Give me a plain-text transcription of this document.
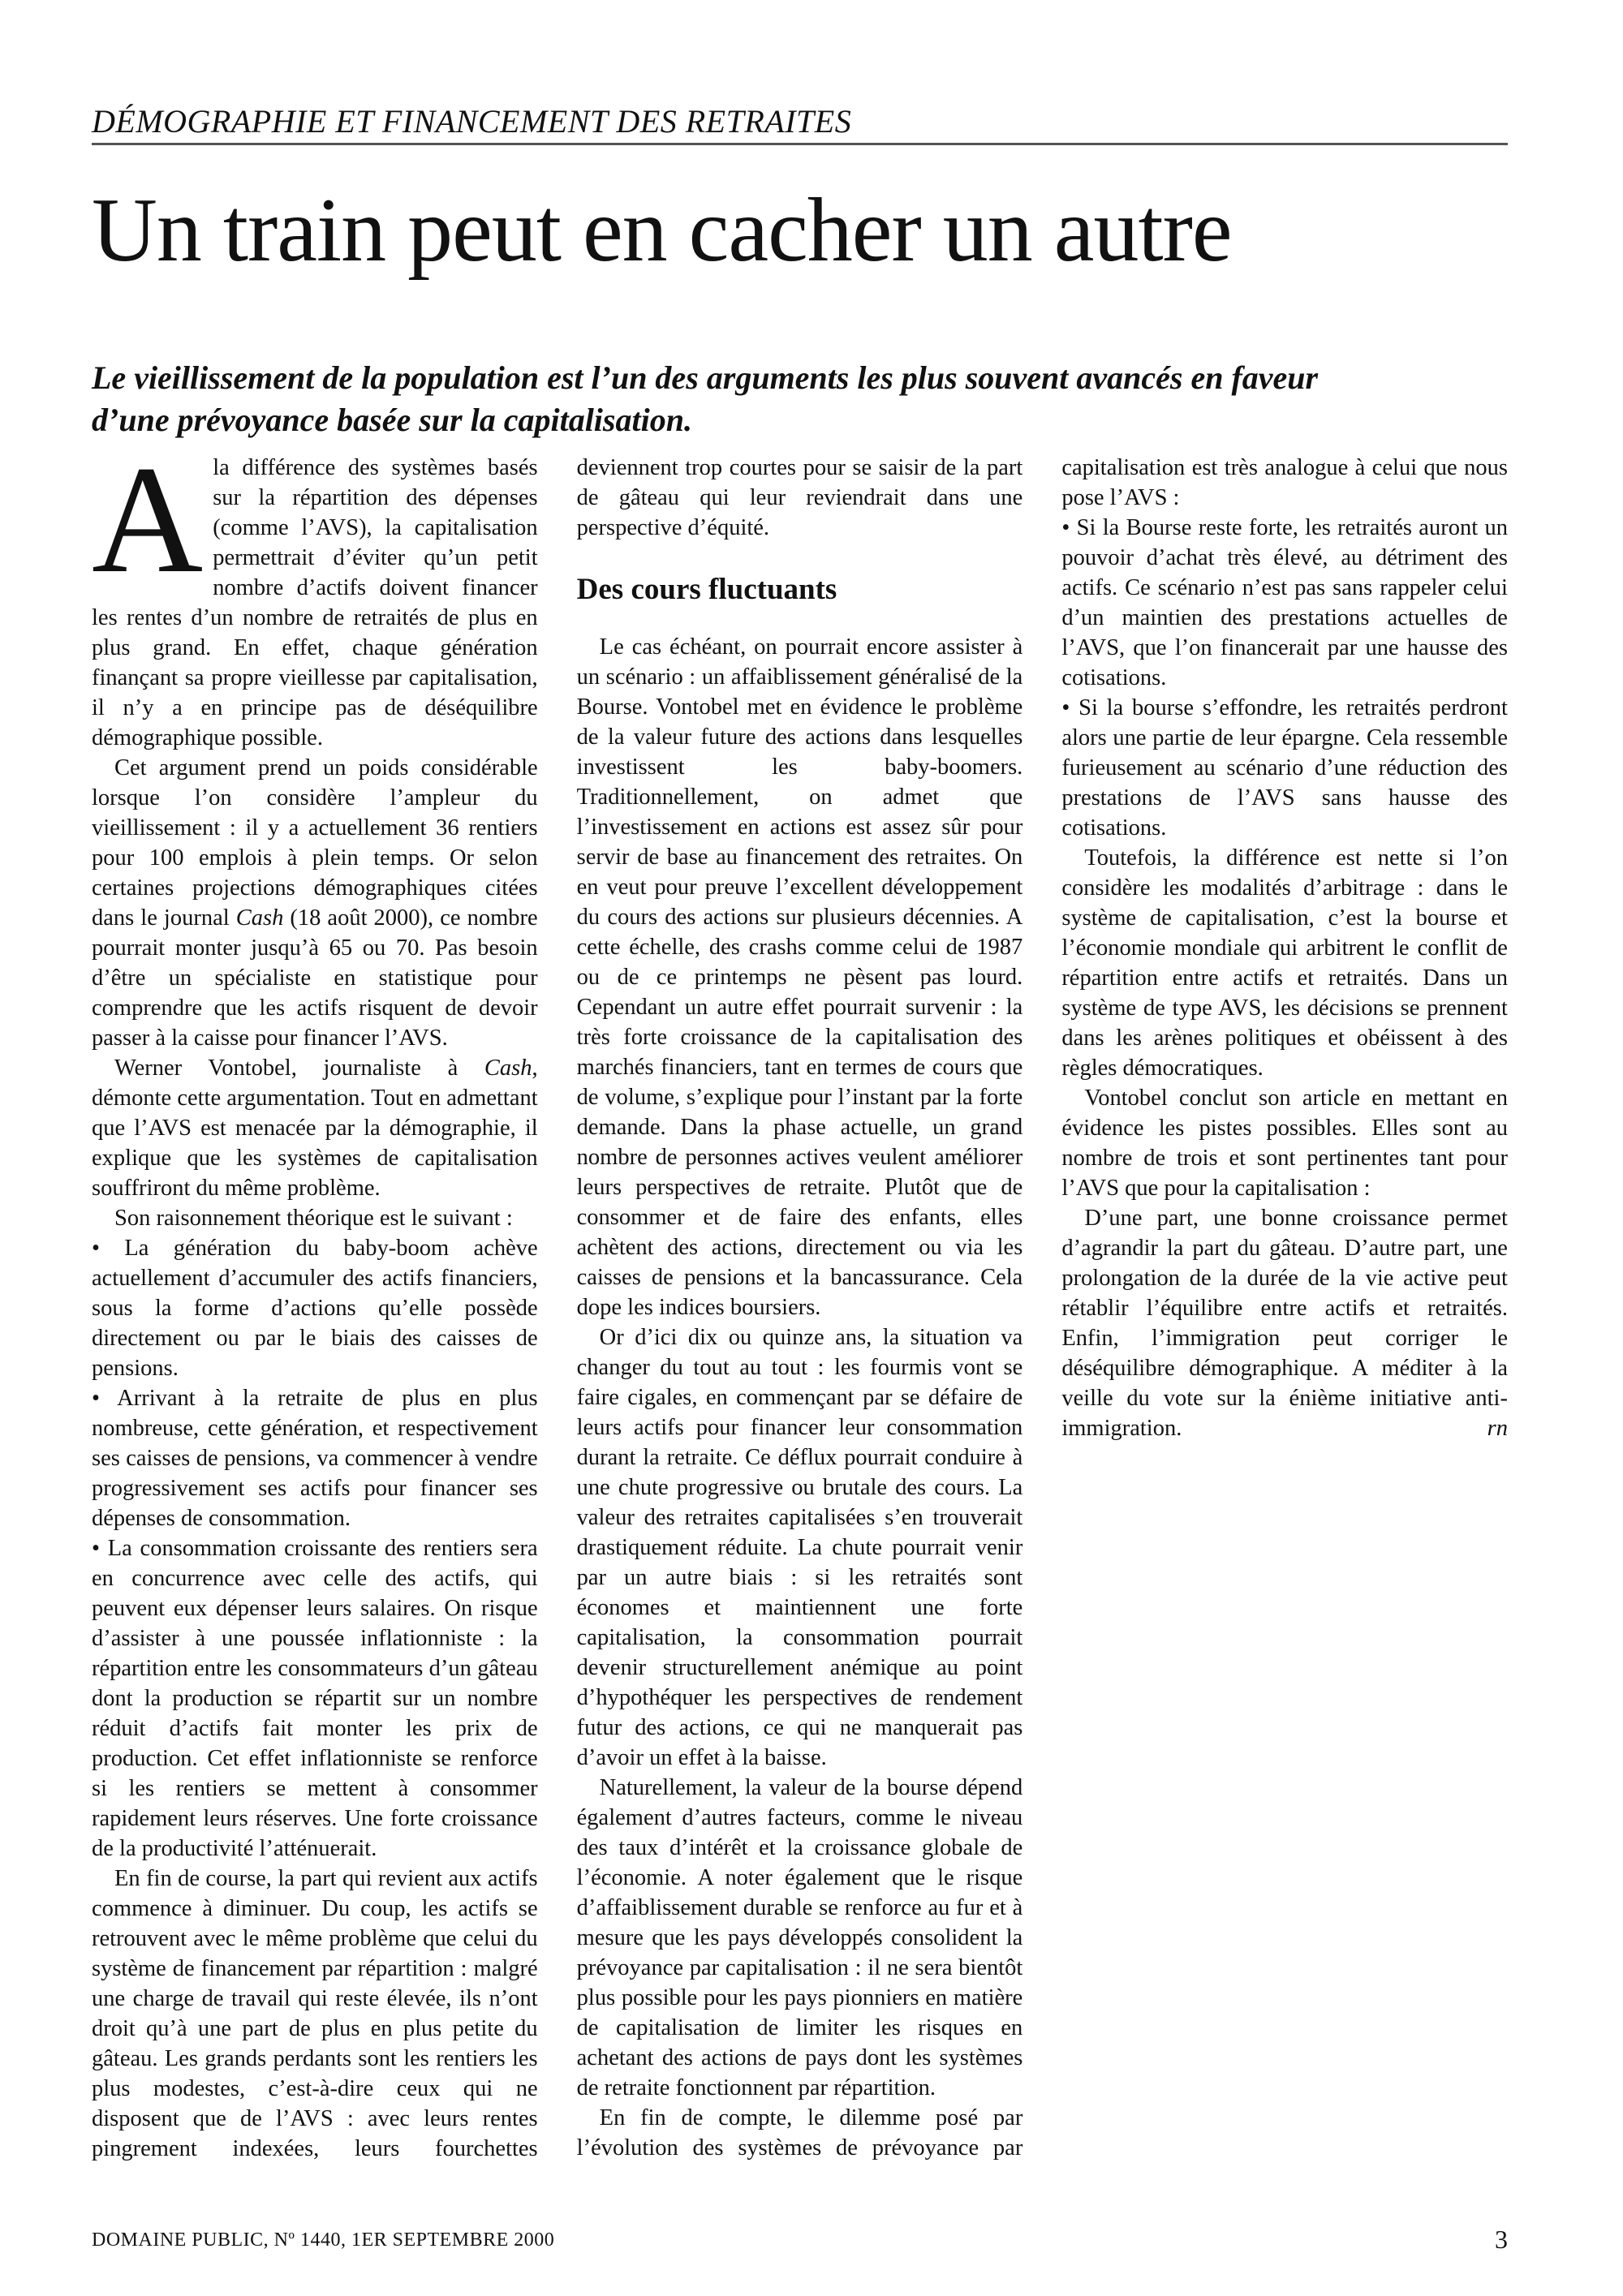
DÉMOGRAPHIE ET FINANCEMENT DES RETRAITES

Un train peut en cacher un autre

Le vieillissement de la population est l’un des arguments les plus souvent avancés en faveur d’une prévoyance basée sur la capitalisation.

Ala différence des systèmes basés sur la répartition des dépenses (comme l’AVS), la capitalisation permettrait d’éviter qu’un petit nombre d’actifs doivent financer les rentes d’un nombre de retraités de plus en plus grand. En effet, chaque génération finançant sa propre vieillesse par capitalisation, il n’y a en principe pas de déséquilibre démographique possible.

Cet argument prend un poids considérable lorsque l’on considère l’ampleur du vieillissement : il y a actuellement 36 rentiers pour 100 emplois à plein temps. Or selon certaines projections démographiques citées dans le journal Cash (18 août 2000), ce nombre pourrait monter jusqu’à 65 ou 70. Pas besoin d’être un spécialiste en statistique pour comprendre que les actifs risquent de devoir passer à la caisse pour financer l’AVS.

Werner Vontobel, journaliste à Cash, démonte cette argumentation. Tout en admettant que l’AVS est menacée par la démographie, il explique que les systèmes de capitalisation souffriront du même problème.

Son raisonnement théorique est le suivant :

• La génération du baby-boom achève actuellement d’accumuler des actifs financiers, sous la forme d’actions qu’elle possède directement ou par le biais des caisses de pensions.

• Arrivant à la retraite de plus en plus nombreuse, cette génération, et respectivement ses caisses de pensions, va commencer à vendre progressivement ses actifs pour financer ses dépenses de consommation.

• La consommation croissante des rentiers sera en concurrence avec celle des actifs, qui peuvent eux dépenser leurs salaires. On risque d’assister à une poussée inflationniste : la répartition entre les consommateurs d’un gâteau dont la production se répartit sur un nombre réduit d’actifs fait monter les prix de production. Cet effet inflationniste se renforce si les rentiers se mettent à consommer rapidement leurs réserves. Une forte croissance de la productivité l’atténuerait.

En fin de course, la part qui revient aux actifs commence à diminuer. Du coup, les actifs se retrouvent avec le même problème que celui du système de financement par répartition : malgré une charge de travail qui reste élevée, ils n’ont droit qu’à une part de plus en plus petite du gâteau. Les grands perdants sont les rentiers les plus modestes, c’est-à-dire ceux qui ne disposent que de l’AVS : avec leurs rentes pingrement indexées, leurs fourchettes deviennent trop courtes pour se saisir de la part de gâteau qui leur reviendrait dans une perspective d’équité.

Des cours fluctuants

Le cas échéant, on pourrait encore assister à un scénario : un affaiblissement généralisé de la Bourse. Vontobel met en évidence le problème de la valeur future des actions dans lesquelles investissent les baby-boomers. Traditionnellement, on admet que l’investissement en actions est assez sûr pour servir de base au financement des retraites. On en veut pour preuve l’excellent développement du cours des actions sur plusieurs décennies. A cette échelle, des crashs comme celui de 1987 ou de ce printemps ne pèsent pas lourd. Cependant un autre effet pourrait survenir : la très forte croissance de la capitalisation des marchés financiers, tant en termes de cours que de volume, s’explique pour l’instant par la forte demande. Dans la phase actuelle, un grand nombre de personnes actives veulent améliorer leurs perspectives de retraite. Plutôt que de consommer et de faire des enfants, elles achètent des actions, directement ou via les caisses de pensions et la bancassurance. Cela dope les indices boursiers.

Or d’ici dix ou quinze ans, la situation va changer du tout au tout : les fourmis vont se faire cigales, en commençant par se défaire de leurs actifs pour financer leur consommation durant la retraite. Ce déflux pourrait conduire à une chute progressive ou brutale des cours. La valeur des retraites capitalisées s’en trouverait drastiquement réduite. La chute pourrait venir par un autre biais : si les retraités sont économes et maintiennent une forte capitalisation, la consommation pourrait devenir structurellement anémique au point d’hypothéquer les perspectives de rendement futur des actions, ce qui ne manquerait pas d’avoir un effet à la baisse.

Naturellement, la valeur de la bourse dépend également d’autres facteurs, comme le niveau des taux d’intérêt et la croissance globale de l’économie. A noter également que le risque d’affaiblissement durable se renforce au fur et à mesure que les pays développés consolident la prévoyance par capitalisation : il ne sera bientôt plus possible pour les pays pionniers en matière de capitalisation de limiter les risques en achetant des actions de pays dont les systèmes de retraite fonctionnent par répartition.

En fin de compte, le dilemme posé par l’évolution des systèmes de prévoyance par capitalisation est très analogue à celui que nous pose l’AVS :

• Si la Bourse reste forte, les retraités auront un pouvoir d’achat très élevé, au détriment des actifs. Ce scénario n’est pas sans rappeler celui d’un maintien des prestations actuelles de l’AVS, que l’on financerait par une hausse des cotisations.

• Si la bourse s’effondre, les retraités perdront alors une partie de leur épargne. Cela ressemble furieusement au scénario d’une réduction des prestations de l’AVS sans hausse des cotisations.

Toutefois, la différence est nette si l’on considère les modalités d’arbitrage : dans le système de capitalisation, c’est la bourse et l’économie mondiale qui arbitrent le conflit de répartition entre actifs et retraités. Dans un système de type AVS, les décisions se prennent dans les arènes politiques et obéissent à des règles démocratiques.

Vontobel conclut son article en mettant en évidence les pistes possibles. Elles sont au nombre de trois et sont pertinentes tant pour l’AVS que pour la capitalisation :

D’une part, une bonne croissance permet d’agrandir la part du gâteau. D’autre part, une prolongation de la durée de la vie active peut rétablir l’équilibre entre actifs et retraités. Enfin, l’immigration peut corriger le déséquilibre démographique. A méditer à la veille du vote sur la énième initiative anti-immigration.	rn

DOMAINE PUBLIC, Nº 1440, 1ER SEPTEMBRE 2000	3
